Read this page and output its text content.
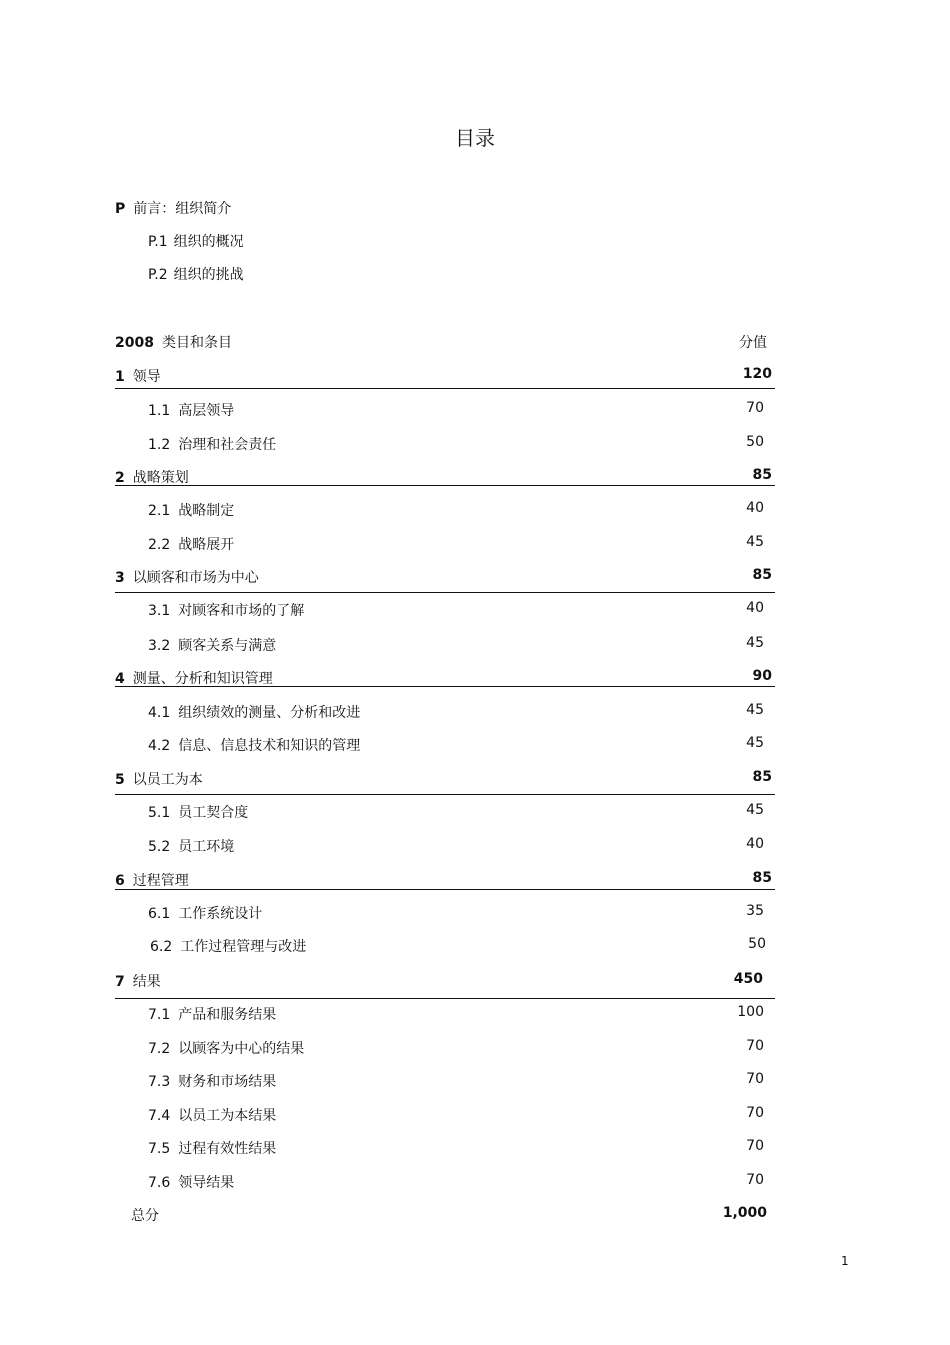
目录
P 前言：组织简介
P.1 组织的概况
P.2 组织的挑战
2008 类目和条目	分值
1 领导	120
1.1 高层领导	70
1.2 治理和社会责任	50
2 战略策划	85
2.1 战略制定	40
2.2 战略展开	45
3 以顾客和市场为中心	85
3.1 对顾客和市场的了解	40
3.2 顾客关系与满意	45
4 测量、分析和知识管理	90
4.1 组织绩效的测量、分析和改进	45
4.2 信息、信息技术和知识的管理	45
5 以员工为本	85
5.1 员工契合度	45
5.2 员工环境	40
6 过程管理	85
6.1 工作系统设计	35
6.2 工作过程管理与改进	50
7 结果	450
7.1 产品和服务结果	100
7.2 以顾客为中心的结果	70
7.3 财务和市场结果	70
7.4 以员工为本结果	70
7.5 过程有效性结果	70
7.6 领导结果	70
总分	1,000
1
